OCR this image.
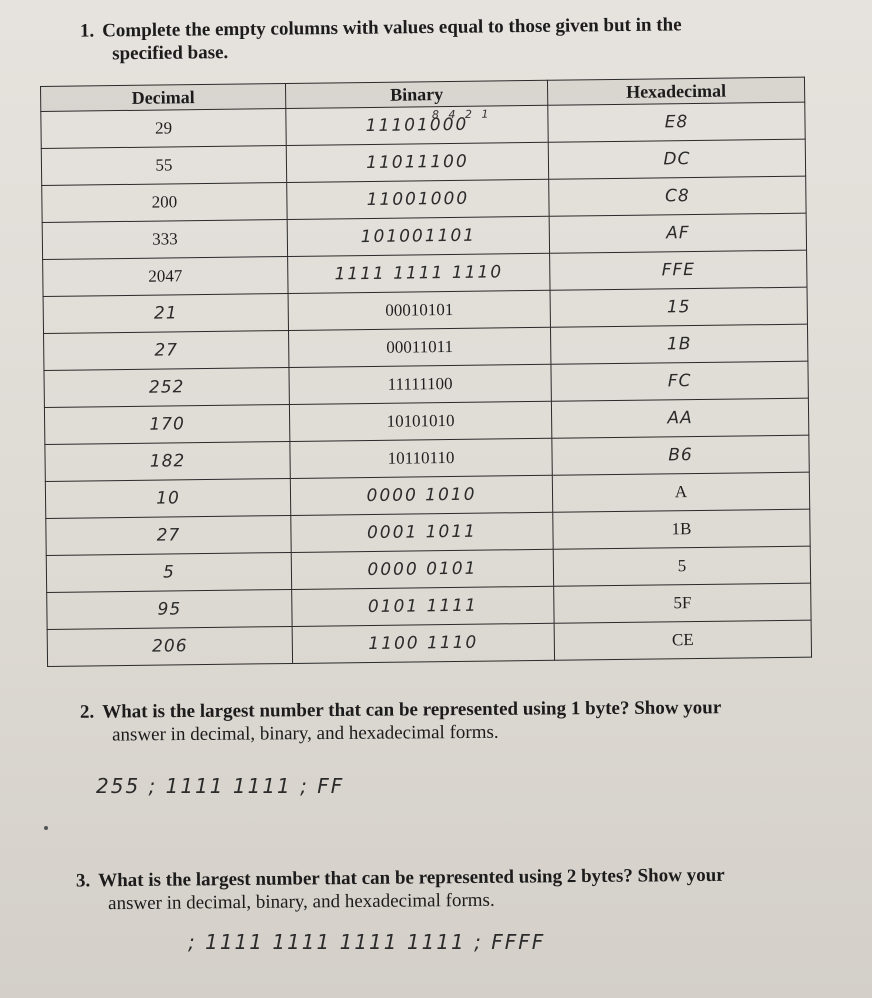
1. Complete the empty columns with values equal to those given but in the
specified base.
8 4 2 1
Decimal	Binary	Hexadecimal
29	11101000	E8
55	11011100	DC
200	11001000	C8
333	101001101	AF
2047	1111 1111 1110	FFE
21	00010101	15
27	00011011	1B
252	11111100	FC
170	10101010	AA
182	10110110	B6
10	0000 1010	A
27	0001 1011	1B
5	0000 0101	5
95	0101 1111	5F
206	1100 1110	CE
2. What is the largest number that can be represented using 1 byte? Show your
answer in decimal, binary, and hexadecimal forms.
255 ; 1111 1111 ; FF
3. What is the largest number that can be represented using 2 bytes? Show your
answer in decimal, binary, and hexadecimal forms.
; 1111 1111 1111 1111 ; FFFF
